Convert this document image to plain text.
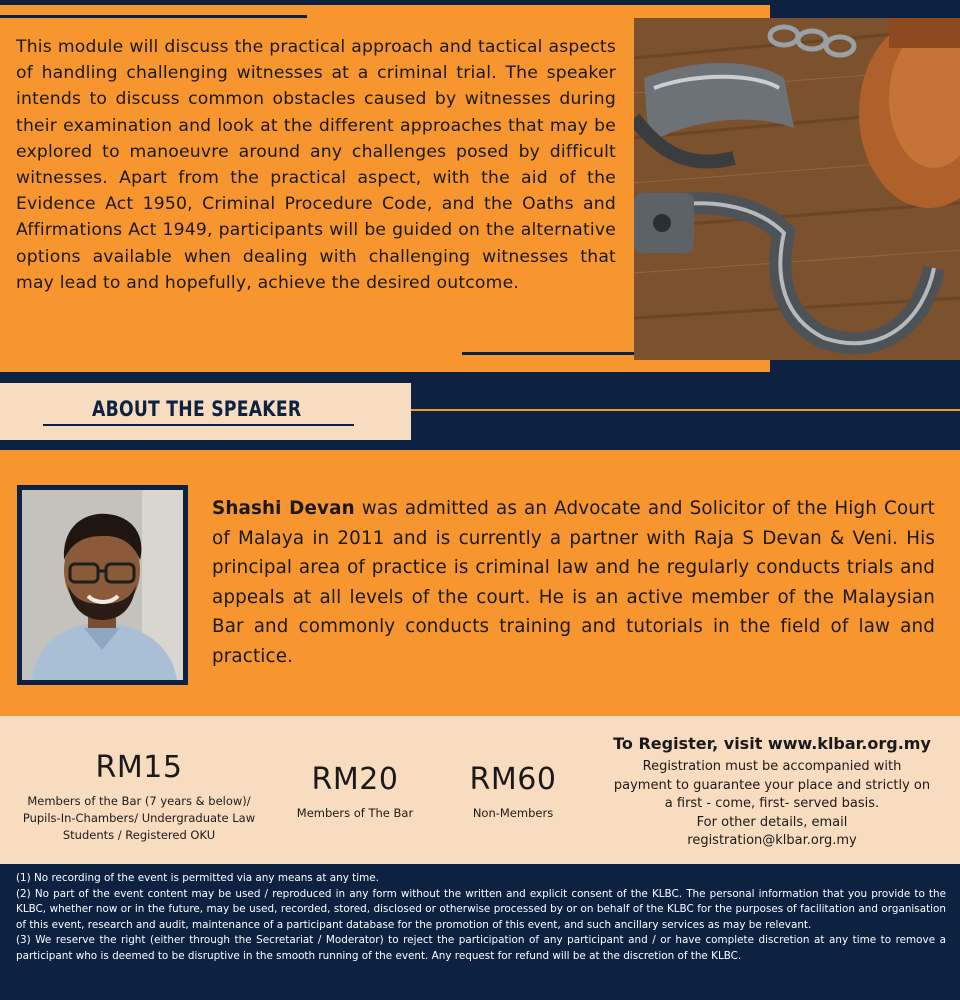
This module will discuss the practical approach and tactical aspects of handling challenging witnesses at a criminal trial. The speaker intends to discuss common obstacles caused by witnesses during their examination and look at the different approaches that may be explored to manoeuvre around any challenges posed by difficult witnesses. Apart from the practical aspect, with the aid of the Evidence Act 1950, Criminal Procedure Code, and the Oaths and Affirmations Act 1949, participants will be guided on the alternative options available when dealing with challenging witnesses that may lead to and hopefully, achieve the desired outcome.

ABOUT THE SPEAKER

Shashi Devan was admitted as an Advocate and Solicitor of the High Court of Malaya in 2011 and is currently a partner with Raja S Devan & Veni. His principal area of practice is criminal law and he regularly conducts trials and appeals at all levels of the court. He is an active member of the Malaysian Bar and commonly conducts training and tutorials in the field of law and practice.

RM15
Members of the Bar (7 years & below)/ Pupils-In-Chambers/ Undergraduate Law Students / Registered OKU
RM20
Members of The Bar
RM60
Non-Members
To Register, visit www.klbar.org.my
Registration must be accompanied with
payment to guarantee your place and strictly on
a first - come, first- served basis.
For other details, email
registration@klbar.org.my

(1) No recording of the event is permitted via any means at any time.

(2) No part of the event content may be used / reproduced in any form without the written and explicit consent of the KLBC. The personal information that you provide to the KLBC, whether now or in the future, may be used, recorded, stored, disclosed or otherwise processed by or on behalf of the KLBC for the purposes of facilitation and organisation of this event, research and audit, maintenance of a participant database for the promotion of this event, and such ancillary services as may be relevant.

(3) We reserve the right (either through the Secretariat / Moderator) to reject the participation of any participant and / or have complete discretion at any time to remove a participant who is deemed to be disruptive in the smooth running of the event. Any request for refund will be at the discretion of the KLBC.
